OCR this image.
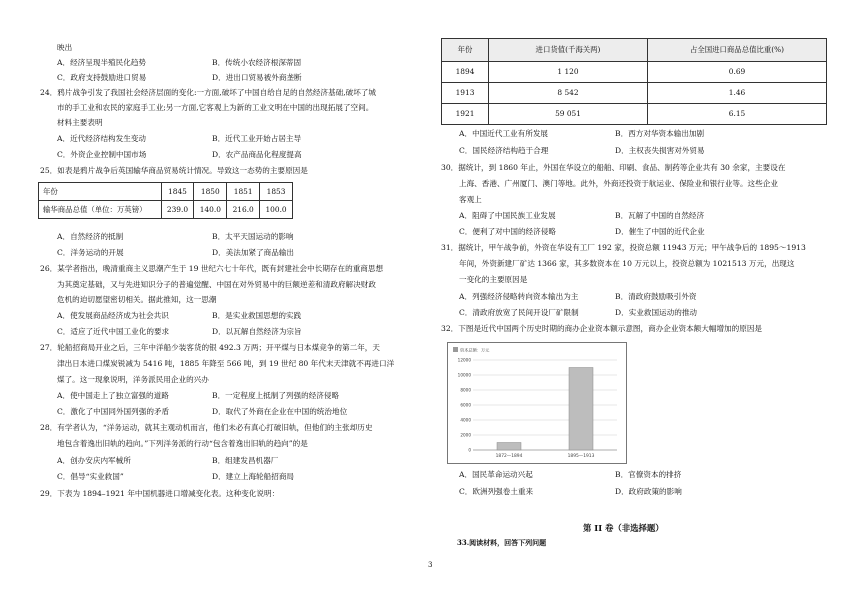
映出
A．经济呈现半殖民化趋势	B．传统小农经济根深蒂固
C．政府支持鼓励进口贸易	D．进出口贸易被外商垄断
24．鸦片战争引发了我国社会经济层面的变化:一方面,破坏了中国自给自足的自然经济基础,破坏了城
市的手工业和农民的家庭手工业;另一方面,它客观上为新的工业文明在中国的出现拓展了空间。
材料主要表明
A．近代经济结构发生变动	B．近代工业开始占居主导
C．外资企业控制中国市场	D．农产品商品化程度提高
25．如表是鸦片战争后英国输华商品贸易统计情况。导致这一态势的主要原因是
年份	1845	1850	1851	1853
输华商品总值（单位：万英镑）	239.0	140.0	216.0	100.0
A．自然经济的抵制	B．太平天国运动的影响
C．洋务运动的开展	D．美法加紧了商品输出
26．某学者指出，晚清重商主义思潮产生于 19 世纪六七十年代，既有封建社会中长期存在的重商思想
为其奠定基础，又与先进知识分子的普遍觉醒、中国在对外贸易中的巨额逆差和清政府解决财政
危机的迫切愿望密切相关。据此推知，这一思潮
A．使发展商品经济成为社会共识	B．是实业救国思想的实践
C．适应了近代中国工业化的要求	D．以瓦解自然经济为宗旨
27．轮船招商局开业之后，三年中洋船少装客货的银 492.3 万两；开平煤与日本煤竞争的第二年，天
津出日本进口煤炭锐减为 5416 吨，1885 年降至 566 吨，到 19 世纪 80 年代末天津就不再进口洋
煤了。这一现象说明，洋务派民用企业的兴办
A．使中国走上了独立富强的道路	B．一定程度上抵制了列强的经济侵略
C．激化了中国同外国列强的矛盾	D．取代了外商在企业在中国的统治地位
28．有学者认为，“洋务运动，就其主观动机而言，他们未必有真心打破旧轨，但他们的主张却历史
地包含着逸出旧轨的趋向。”下列洋务派的行动“包含着逸出旧轨的趋向”的是
A．创办安庆内军械所	B．组建发昌机器厂
C．倡导“实业救国”	D．建立上海轮船招商局
29．下表为 1894–1921 年中国机器进口增减变化表。这种变化说明：
年份	进口货值(千海关两)	占全国进口商品总值比重(%)
1894	1 120	0.69
1913	8 542	1.46
1921	59 051	6.15
A．中国近代工业有所发展	B．西方对华资本输出加剧
C．国民经济结构趋于合理	D．主权丧失损害对外贸易
30．据统计，到 1860 年止，外国在华设立的船舶、印刷、食品、制药等企业共有 30 余家，主要设在
上海、香港、广州厦门、澳门等地。此外，外商还投资于航运业、保险业和银行业等。这些企业
客观上
A．阻碍了中国民族工业发展	B．瓦解了中国的自然经济
C．便利了对中国的经济侵略	D．催生了中国的近代企业
31．据统计，甲午战争前，外资在华设有工厂 192 家，投资总额 11943 万元；甲午战争后的 1895～1913
年间，外资新建厂矿达 1366 家，其多数资本在 10 万元以上，投资总额为 1021513 万元，出现这
一变化的主要原因是
A．列强经济侵略转向资本输出为主	B．清政府鼓励吸引外资
C．清政府放宽了民间开设厂矿限制	D．实业救国运动的推动
32．下图是近代中国两个历史时期的商办企业资本额示意图，商办企业资本额大幅增加的原因是
资本总额：万元
0
2000
4000
6000
8000
10000
12000
1872—1894	1895—1913
A．国民革命运动兴起	B．官僚资本的排挤
C．欧洲列强卷土重来	D．政府政策的影响
第 II 卷（非选择题）
33.阅读材料，回答下列问题
3
